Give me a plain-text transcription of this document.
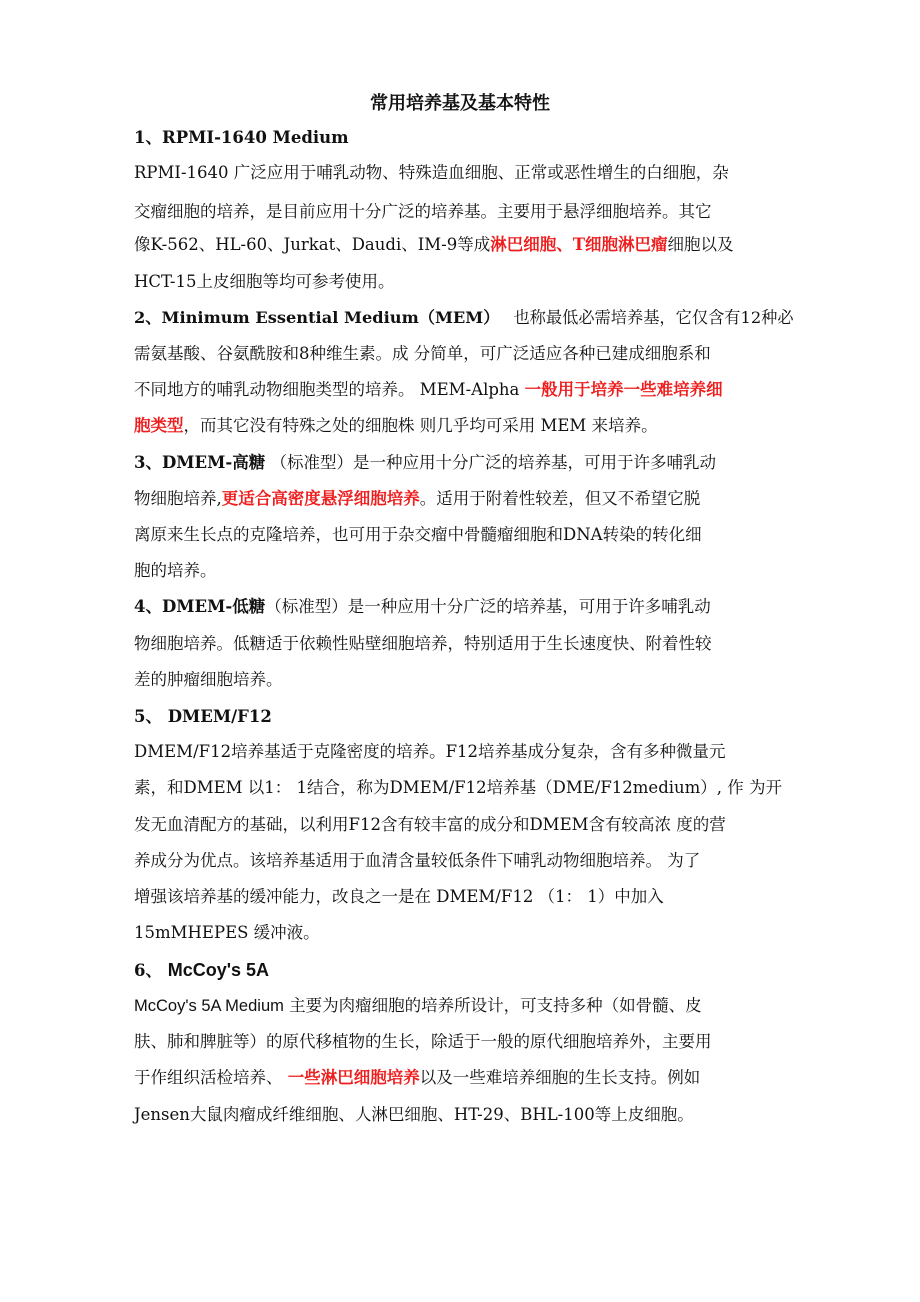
常用培养基及基本特性
1、RPMI-1640 Medium
RPMI-1640 广泛应用于哺乳动物、特殊造血细胞、正常或恶性增生的白细胞，杂
交瘤细胞的培养，是目前应用十分广泛的培养基。主要用于悬浮细胞培养。其它
像K-562、HL-60、Jurkat、Daudi、IM-9等成淋巴细胞、T细胞淋巴瘤细胞以及
HCT-15上皮细胞等均可参考使用。
2、Minimum Essential Medium（MEM） 也称最低必需培养基，它仅含有12种必
需氨基酸、谷氨酰胺和8种维生素。成 分简单，可广泛适应各种已建成细胞系和
不同地方的哺乳动物细胞类型的培养。 MEM-Alpha 一般用于培养一些难培养细
胞类型，而其它没有特殊之处的细胞株 则几乎均可采用 MEM 来培养。
3、DMEM-高糖 （标准型）是一种应用十分广泛的培养基，可用于许多哺乳动
物细胞培养,更适合高密度悬浮细胞培养。适用于附着性较差，但又不希望它脱
离原来生长点的克隆培养，也可用于杂交瘤中骨髓瘤细胞和DNA转染的转化细
胞的培养。
4、DMEM-低糖（标准型）是一种应用十分广泛的培养基，可用于许多哺乳动
物细胞培养。低糖适于依赖性贴壁细胞培养，特别适用于生长速度快、附着性较
差的肿瘤细胞培养。
5、 DMEM/F12
DMEM/F12培养基适于克隆密度的培养。F12培养基成分复杂，含有多种微量元
素，和DMEM 以1： 1结合，称为DMEM/F12培养基（DME/F12medium）, 作 为开
发无血清配方的基础，以利用F12含有较丰富的成分和DMEM含有较高浓 度的营
养成分为优点。该培养基适用于血清含量较低条件下哺乳动物细胞培养。 为了
增强该培养基的缓冲能力，改良之一是在 DMEM/F12 （1： 1）中加入
15mMHEPES 缓冲液。
6、 McCoy's 5A
McCoy's 5A Medium 主要为肉瘤细胞的培养所设计，可支持多种（如骨髓、皮
肤、肺和脾脏等）的原代移植物的生长，除适于一般的原代细胞培养外，主要用
于作组织活检培养、 一些淋巴细胞培养以及一些难培养细胞的生长支持。例如
Jensen大鼠肉瘤成纤维细胞、人淋巴细胞、HT-29、BHL-100等上皮细胞。
